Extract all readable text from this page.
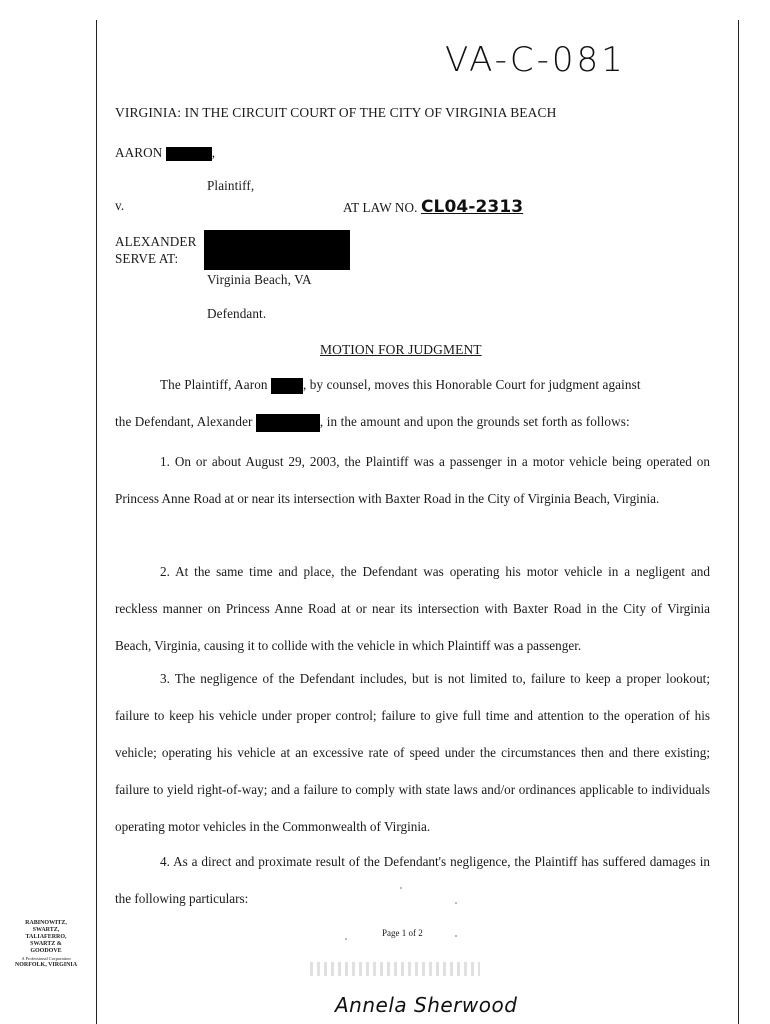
VA-C-081
VIRGINIA: IN THE CIRCUIT COURT OF THE CITY OF VIRGINIA BEACH
AARON	,
Plaintiff,
v.	AT LAW NO. CL04-2313
ALEXANDER
SERVE AT:
Virginia Beach, VA
Defendant.
MOTION FOR JUDGMENT
The Plaintiff, Aaron	, by counsel, moves this Honorable Court for judgment against
the Defendant, Alexander	, in the amount and upon the grounds set forth as follows:
1. On or about August 29, 2003, the Plaintiff was a passenger in a motor vehicle being operated on Princess Anne Road at or near its intersection with Baxter Road in the City of Virginia Beach, Virginia.
2. At the same time and place, the Defendant was operating his motor vehicle in a negligent and reckless manner on Princess Anne Road at or near its intersection with Baxter Road in the City of Virginia Beach, Virginia, causing it to collide with the vehicle in which Plaintiff was a passenger.
3. The negligence of the Defendant includes, but is not limited to, failure to keep a proper lookout; failure to keep his vehicle under proper control; failure to give full time and attention to the operation of his vehicle; operating his vehicle at an excessive rate of speed under the circumstances then and there existing; failure to yield right-of-way; and a failure to comply with state laws and/or ordinances applicable to individuals operating motor vehicles in the Commonwealth of Virginia.
4. As a direct and proximate result of the Defendant's negligence, the Plaintiff has suffered damages in the following particulars:
Page 1 of 2
RABINOWITZ,
SWARTZ,
TALIAFERRO,
SWARTZ &
GOODOVE
A Professional Corporation
NORFOLK, VIRGINIA
Annela Sherwood
